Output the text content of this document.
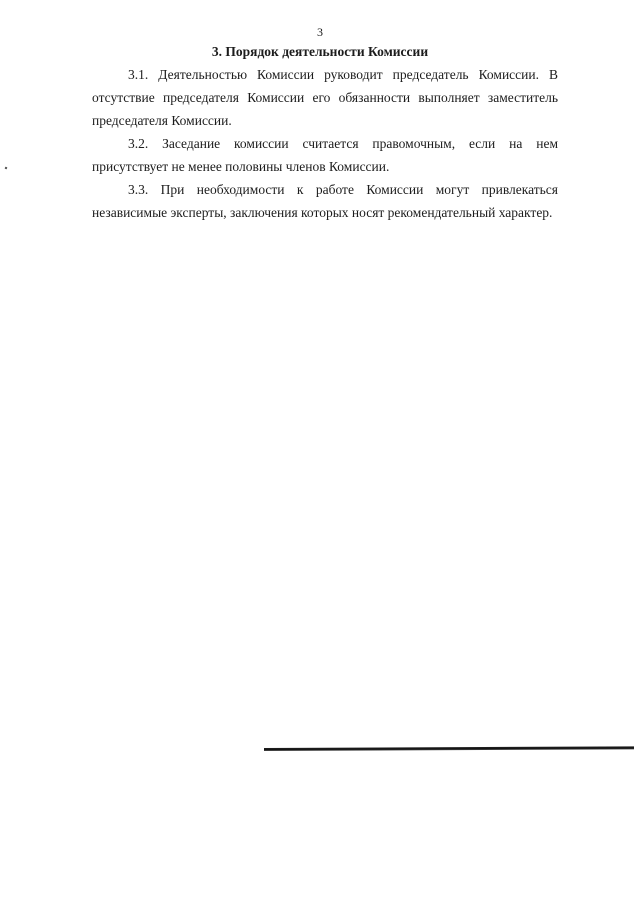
3
3. Порядок деятельности Комиссии

3.1. Деятельностью Комиссии руководит председатель Комиссии. В отсутствие председателя Комиссии его обязанности выполняет заместитель председателя Комиссии.

3.2. Заседание комиссии считается правомочным, если на нем присутствует не менее половины членов Комиссии.

3.3. При необходимости к работе Комиссии могут привлекаться независимые эксперты, заключения которых носят рекомендательный характер.
